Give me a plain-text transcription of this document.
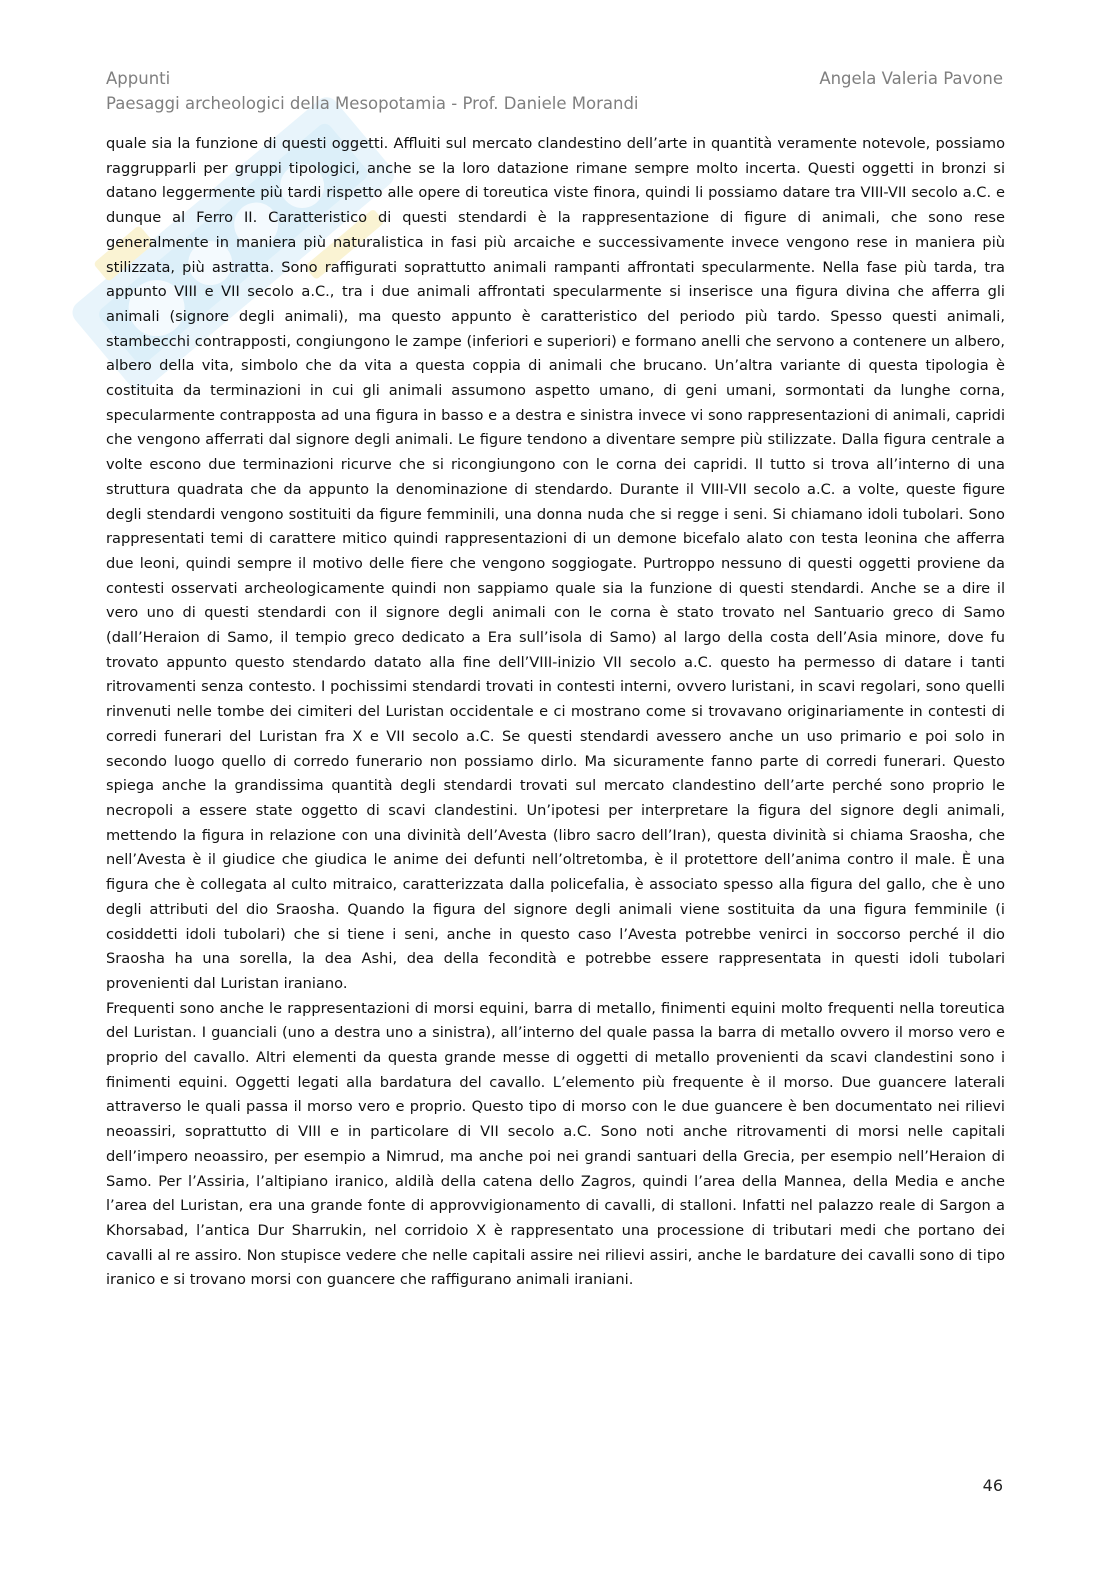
Appunti
Paesaggi archeologici della Mesopotamia - Prof. Daniele Morandi
Angela Valeria Pavone

quale sia la funzione di questi oggetti. Affluiti sul mercato clandestino dell’arte in quantità veramente notevole, possiamo raggrupparli per gruppi tipologici, anche se la loro datazione rimane sempre molto incerta. Questi oggetti in bronzi si datano leggermente più tardi rispetto alle opere di toreutica viste finora, quindi li possiamo datare tra VIII-VII secolo a.C. e dunque al Ferro II. Caratteristico di questi stendardi è la rappresentazione di figure di animali, che sono rese generalmente in maniera più naturalistica in fasi più arcaiche e successivamente invece vengono rese in maniera più stilizzata, più astratta. Sono raffigurati soprattutto animali rampanti affrontati specularmente. Nella fase più tarda, tra appunto VIII e VII secolo a.C., tra i due animali affrontati specularmente si inserisce una figura divina che afferra gli animali (signore degli animali), ma questo appunto è caratteristico del periodo più tardo. Spesso questi animali, stambecchi contrapposti, congiungono le zampe (inferiori e superiori) e formano anelli che servono a contenere un albero, albero della vita, simbolo che da vita a questa coppia di animali che brucano. Un’altra variante di questa tipologia è costituita da terminazioni in cui gli animali assumono aspetto umano, di geni umani, sormontati da lunghe corna, specularmente contrapposta ad una figura in basso e a destra e sinistra invece vi sono rappresentazioni di animali, capridi che vengono afferrati dal signore degli animali. Le figure tendono a diventare sempre più stilizzate. Dalla figura centrale a volte escono due terminazioni ricurve che si ricongiungono con le corna dei capridi. Il tutto si trova all’interno di una struttura quadrata che da appunto la denominazione di stendardo. Durante il VIII-VII secolo a.C. a volte, queste figure degli stendardi vengono sostituiti da figure femminili, una donna nuda che si regge i seni. Si chiamano idoli tubolari. Sono rappresentati temi di carattere mitico quindi rappresentazioni di un demone bicefalo alato con testa leonina che afferra due leoni, quindi sempre il motivo delle fiere che vengono soggiogate. Purtroppo nessuno di questi oggetti proviene da contesti osservati archeologicamente quindi non sappiamo quale sia la funzione di questi stendardi. Anche se a dire il vero uno di questi stendardi con il signore degli animali con le corna è stato trovato nel Santuario greco di Samo (dall’Heraion di Samo, il tempio greco dedicato a Era sull’isola di Samo) al largo della costa dell’Asia minore, dove fu trovato appunto questo stendardo datato alla fine dell’VIII-inizio VII secolo a.C. questo ha permesso di datare i tanti ritrovamenti senza contesto. I pochissimi stendardi trovati in contesti interni, ovvero luristani, in scavi regolari, sono quelli rinvenuti nelle tombe dei cimiteri del Luristan occidentale e ci mostrano come si trovavano originariamente in contesti di corredi funerari del Luristan fra X e VII secolo a.C. Se questi stendardi avessero anche un uso primario e poi solo in secondo luogo quello di corredo funerario non possiamo dirlo. Ma sicuramente fanno parte di corredi funerari. Questo spiega anche la grandissima quantità degli stendardi trovati sul mercato clandestino dell’arte perché sono proprio le necropoli a essere state oggetto di scavi clandestini. Un’ipotesi per interpretare la figura del signore degli animali, mettendo la figura in relazione con una divinità dell’Avesta (libro sacro dell’Iran), questa divinità si chiama Sraosha, che nell’Avesta è il giudice che giudica le anime dei defunti nell’oltretomba, è il protettore dell’anima contro il male. È una figura che è collegata al culto mitraico, caratterizzata dalla policefalia, è associato spesso alla figura del gallo, che è uno degli attributi del dio Sraosha. Quando la figura del signore degli animali viene sostituita da una figura femminile (i cosiddetti idoli tubolari) che si tiene i seni, anche in questo caso l’Avesta potrebbe venirci in soccorso perché il dio Sraosha ha una sorella, la dea Ashi, dea della fecondità e potrebbe essere rappresentata in questi idoli tubolari provenienti dal Luristan iraniano.

Frequenti sono anche le rappresentazioni di morsi equini, barra di metallo, finimenti equini molto frequenti nella toreutica del Luristan. I guanciali (uno a destra uno a sinistra), all’interno del quale passa la barra di metallo ovvero il morso vero e proprio del cavallo. Altri elementi da questa grande messe di oggetti di metallo provenienti da scavi clandestini sono i finimenti equini. Oggetti legati alla bardatura del cavallo. L’elemento più frequente è il morso. Due guancere laterali attraverso le quali passa il morso vero e proprio. Questo tipo di morso con le due guancere è ben documentato nei rilievi neoassiri, soprattutto di VIII e in particolare di VII secolo a.C. Sono noti anche ritrovamenti di morsi nelle capitali dell’impero neoassiro, per esempio a Nimrud, ma anche poi nei grandi santuari della Grecia, per esempio nell’Heraion di Samo. Per l’Assiria, l’altipiano iranico, aldilà della catena dello Zagros, quindi l’area della Mannea, della Media e anche l’area del Luristan, era una grande fonte di approvvigionamento di cavalli, di stalloni. Infatti nel palazzo reale di Sargon a Khorsabad, l’antica Dur Sharrukin, nel corridoio X è rappresentato una processione di tributari medi che portano dei cavalli al re assiro. Non stupisce vedere che nelle capitali assire nei rilievi assiri, anche le bardature dei cavalli sono di tipo iranico e si trovano morsi con guancere che raffigurano animali iraniani.

46
